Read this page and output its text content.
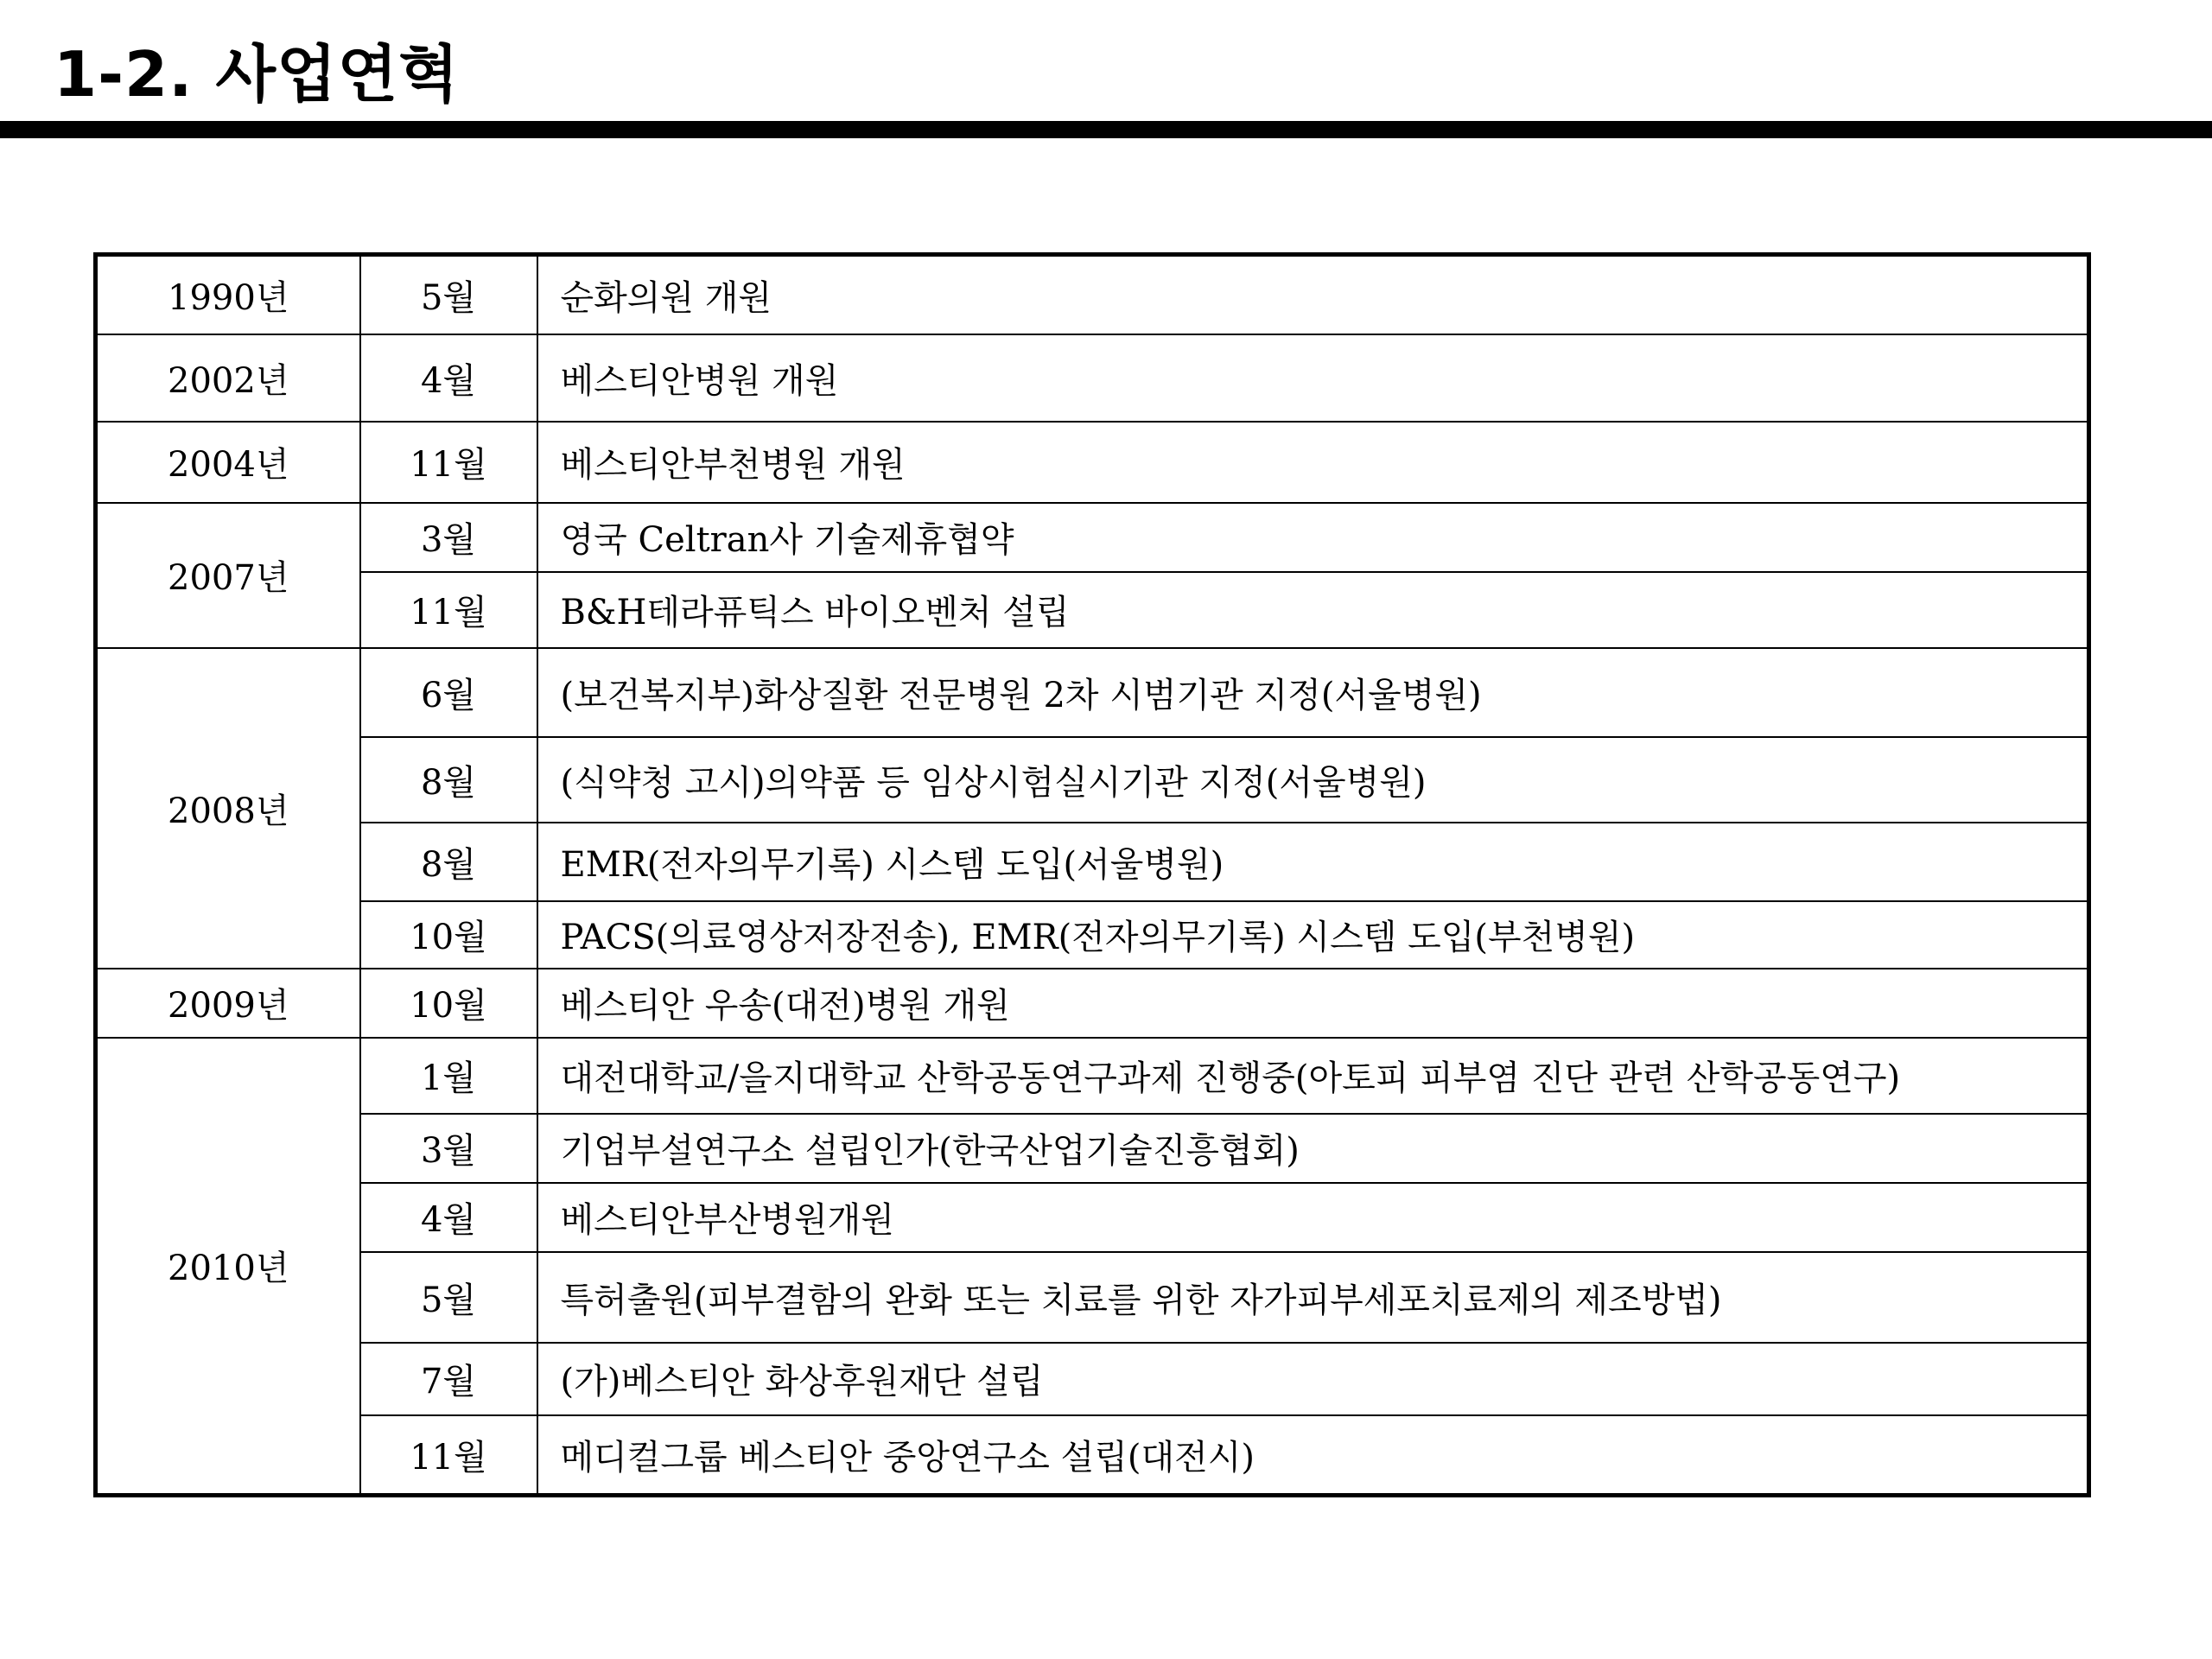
1-2. 사업연혁
1990년	5월	순화의원 개원
2002년	4월	베스티안병원 개원
2004년	11월	베스티안부천병원 개원
2007년	3월	영국 Celtran사 기술제휴협약
	11월	B&H테라퓨틱스 바이오벤처 설립
2008년	6월	(보건복지부)화상질환 전문병원 2차 시범기관 지정(서울병원)
	8월	(식약청 고시)의약품 등 임상시험실시기관 지정(서울병원)
	8월	EMR(전자의무기록) 시스템 도입(서울병원)
	10월	PACS(의료영상저장전송), EMR(전자의무기록) 시스템 도입(부천병원)
2009년	10월	베스티안 우송(대전)병원 개원
2010년	1월	대전대학교/을지대학교 산학공동연구과제 진행중(아토피 피부염 진단 관련 산학공동연구)
	3월	기업부설연구소 설립인가(한국산업기술진흥협회)
	4월	베스티안부산병원개원
	5월	특허출원(피부결함의 완화 또는 치료를 위한 자가피부세포치료제의 제조방법)
	7월	(가)베스티안 화상후원재단 설립
	11월	메디컬그룹 베스티안 중앙연구소 설립(대전시)
